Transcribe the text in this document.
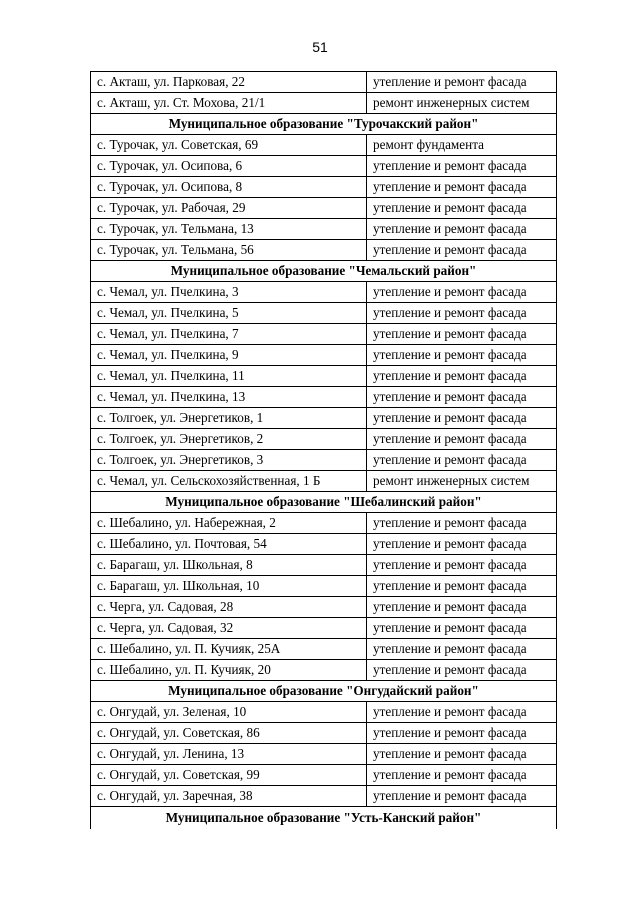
51
с. Акташ, ул. Парковая, 22	утепление и ремонт фасада
с. Акташ, ул. Ст. Мохова, 21/1	ремонт инженерных систем
Муниципальное образование "Турочакский район"	
с. Турочак, ул. Советская, 69	ремонт фундамента
с. Турочак, ул. Осипова, 6	утепление и ремонт фасада
с. Турочак, ул. Осипова, 8	утепление и ремонт фасада
с. Турочак, ул. Рабочая, 29	утепление и ремонт фасада
с. Турочак, ул. Тельмана, 13	утепление и ремонт фасада
с. Турочак, ул. Тельмана, 56	утепление и ремонт фасада
Муниципальное образование "Чемальский район"	
с. Чемал, ул. Пчелкина, 3	утепление и ремонт фасада
с. Чемал, ул. Пчелкина, 5	утепление и ремонт фасада
с. Чемал, ул. Пчелкина, 7	утепление и ремонт фасада
с. Чемал, ул. Пчелкина, 9	утепление и ремонт фасада
с. Чемал, ул. Пчелкина, 11	утепление и ремонт фасада
с. Чемал, ул. Пчелкина, 13	утепление и ремонт фасада
с. Толгоек, ул. Энергетиков, 1	утепление и ремонт фасада
с. Толгоек, ул. Энергетиков, 2	утепление и ремонт фасада
с. Толгоек, ул. Энергетиков, 3	утепление и ремонт фасада
с. Чемал, ул. Сельскохозяйственная, 1 Б	ремонт инженерных систем
Муниципальное образование "Шебалинский район"	
с. Шебалино, ул. Набережная, 2	утепление и ремонт фасада
с. Шебалино, ул. Почтовая, 54	утепление и ремонт фасада
с. Барагаш, ул. Школьная, 8	утепление и ремонт фасада
с. Барагаш, ул. Школьная, 10	утепление и ремонт фасада
с. Черга, ул. Садовая, 28	утепление и ремонт фасада
с. Черга, ул. Садовая, 32	утепление и ремонт фасада
с. Шебалино, ул. П. Кучияк, 25А	утепление и ремонт фасада
с. Шебалино, ул. П. Кучияк, 20	утепление и ремонт фасада
Муниципальное образование "Онгудайский район"	
с. Онгудай, ул. Зеленая, 10	утепление и ремонт фасада
с. Онгудай, ул. Советская, 86	утепление и ремонт фасада
с. Онгудай, ул. Ленина, 13	утепление и ремонт фасада
с. Онгудай, ул. Советская, 99	утепление и ремонт фасада
с. Онгудай, ул. Заречная, 38	утепление и ремонт фасада
Муниципальное образование "Усть-Канский район"	
